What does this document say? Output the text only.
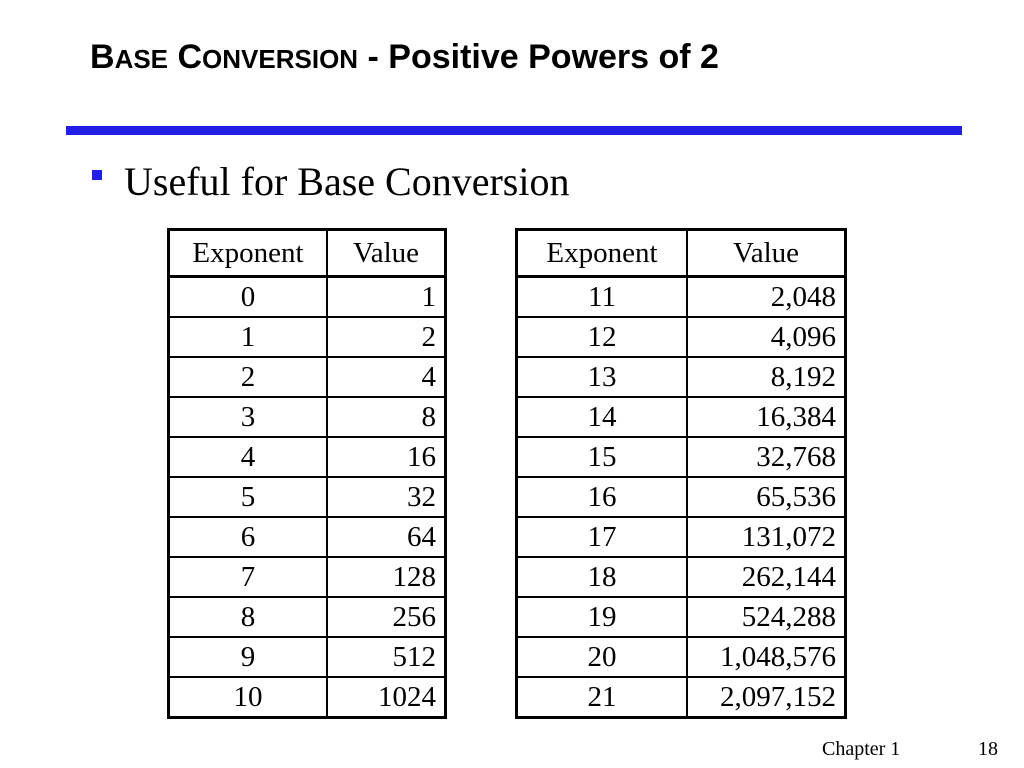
BASE CONVERSION - Positive Powers of 2
Useful for Base Conversion
Exponent	Value
0	1
1	2
2	4
3	8
4	16
5	32
6	64
7	128
8	256
9	512
10	1024
Exponent	Value
11	2,048
12	4,096
13	8,192
14	16,384
15	32,768
16	65,536
17	131,072
18	262,144
19	524,288
20	1,048,576
21	2,097,152
Chapter 1	18
